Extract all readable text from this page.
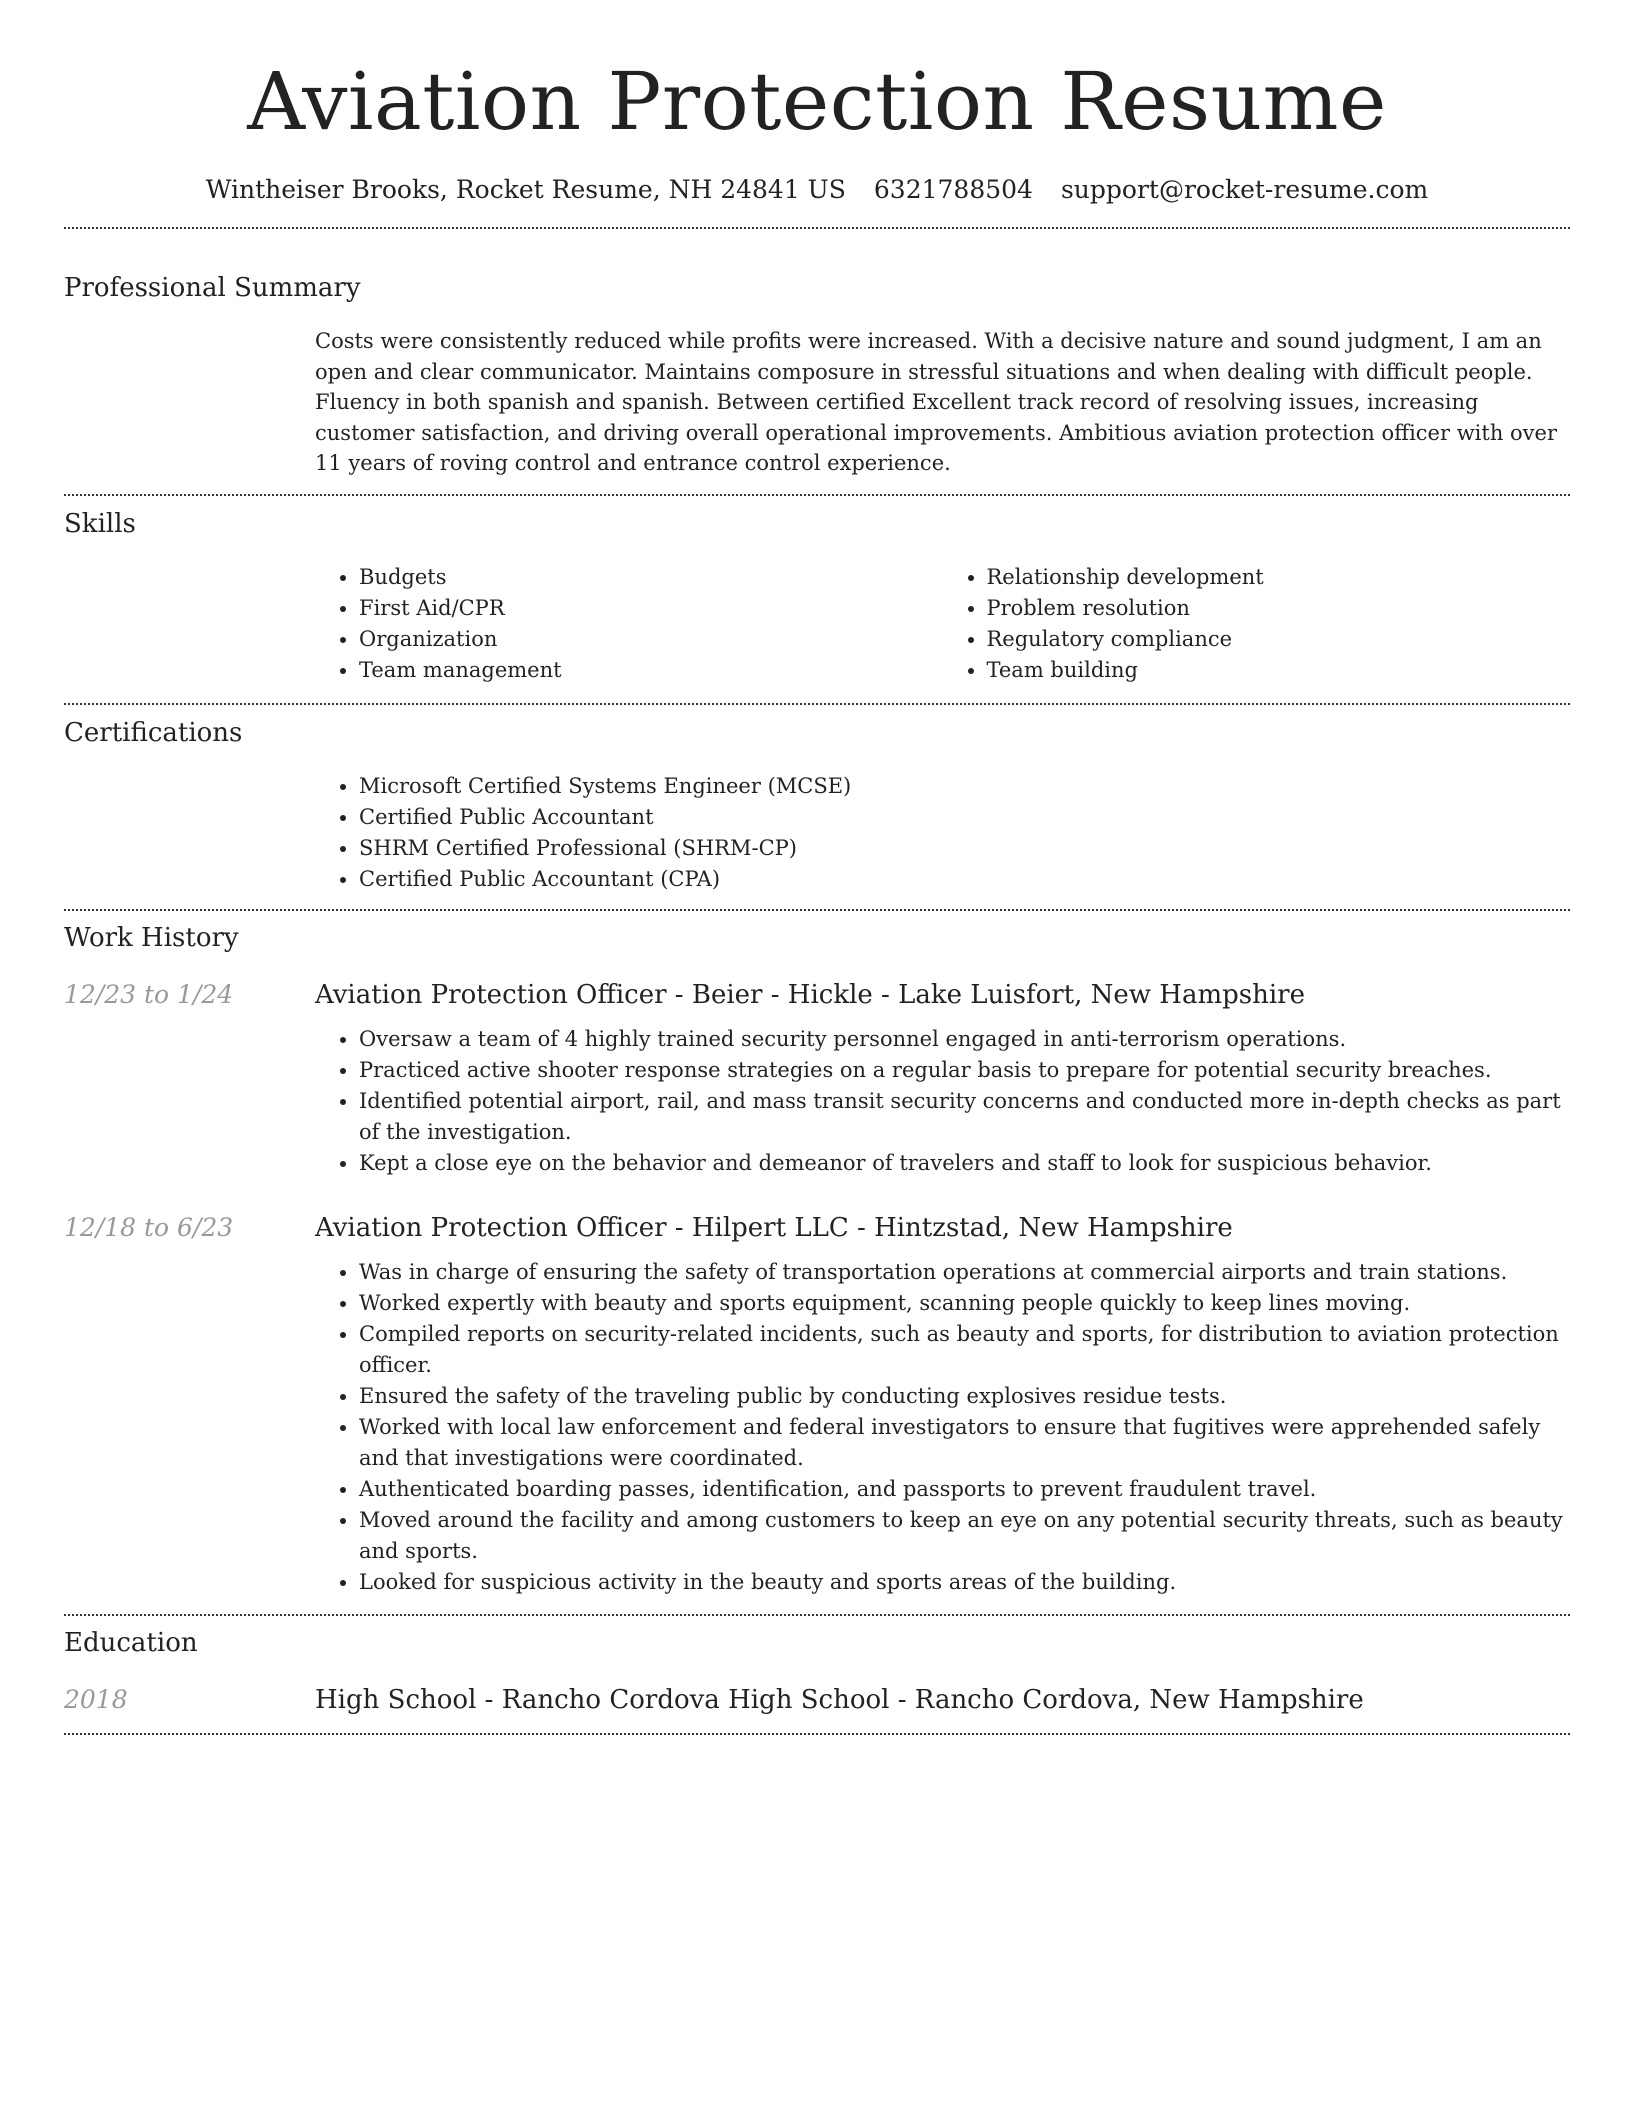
Aviation Protection Resume
Wintheiser Brooks, Rocket Resume, NH 24841 US 6321788504 support@rocket-resume.com
Professional Summary
Costs were consistently reduced while profits were increased. With a decisive nature and sound judgment, I am an open and clear communicator. Maintains composure in stressful situations and when dealing with difficult people. Fluency in both spanish and spanish. Between certified Excellent track record of resolving issues, increasing customer satisfaction, and driving overall operational improvements. Ambitious aviation protection officer with over 11 years of roving control and entrance control experience.
Skills
• Budgets
• First Aid/CPR
• Organization
• Team management
• Relationship development
• Problem resolution
• Regulatory compliance
• Team building
Certifications
• Microsoft Certified Systems Engineer (MCSE)
• Certified Public Accountant
• SHRM Certified Professional (SHRM-CP)
• Certified Public Accountant (CPA)
Work History
12/23 to 1/24	Aviation Protection Officer - Beier - Hickle - Lake Luisfort, New Hampshire
• Oversaw a team of 4 highly trained security personnel engaged in anti-terrorism operations.
• Practiced active shooter response strategies on a regular basis to prepare for potential security breaches.
• Identified potential airport, rail, and mass transit security concerns and conducted more in-depth checks as part of the investigation.
• Kept a close eye on the behavior and demeanor of travelers and staff to look for suspicious behavior.
12/18 to 6/23	Aviation Protection Officer - Hilpert LLC - Hintzstad, New Hampshire
• Was in charge of ensuring the safety of transportation operations at commercial airports and train stations.
• Worked expertly with beauty and sports equipment, scanning people quickly to keep lines moving.
• Compiled reports on security-related incidents, such as beauty and sports, for distribution to aviation protection officer.
• Ensured the safety of the traveling public by conducting explosives residue tests.
• Worked with local law enforcement and federal investigators to ensure that fugitives were apprehended safely and that investigations were coordinated.
• Authenticated boarding passes, identification, and passports to prevent fraudulent travel.
• Moved around the facility and among customers to keep an eye on any potential security threats, such as beauty and sports.
• Looked for suspicious activity in the beauty and sports areas of the building.
Education
2018	High School - Rancho Cordova High School - Rancho Cordova, New Hampshire
